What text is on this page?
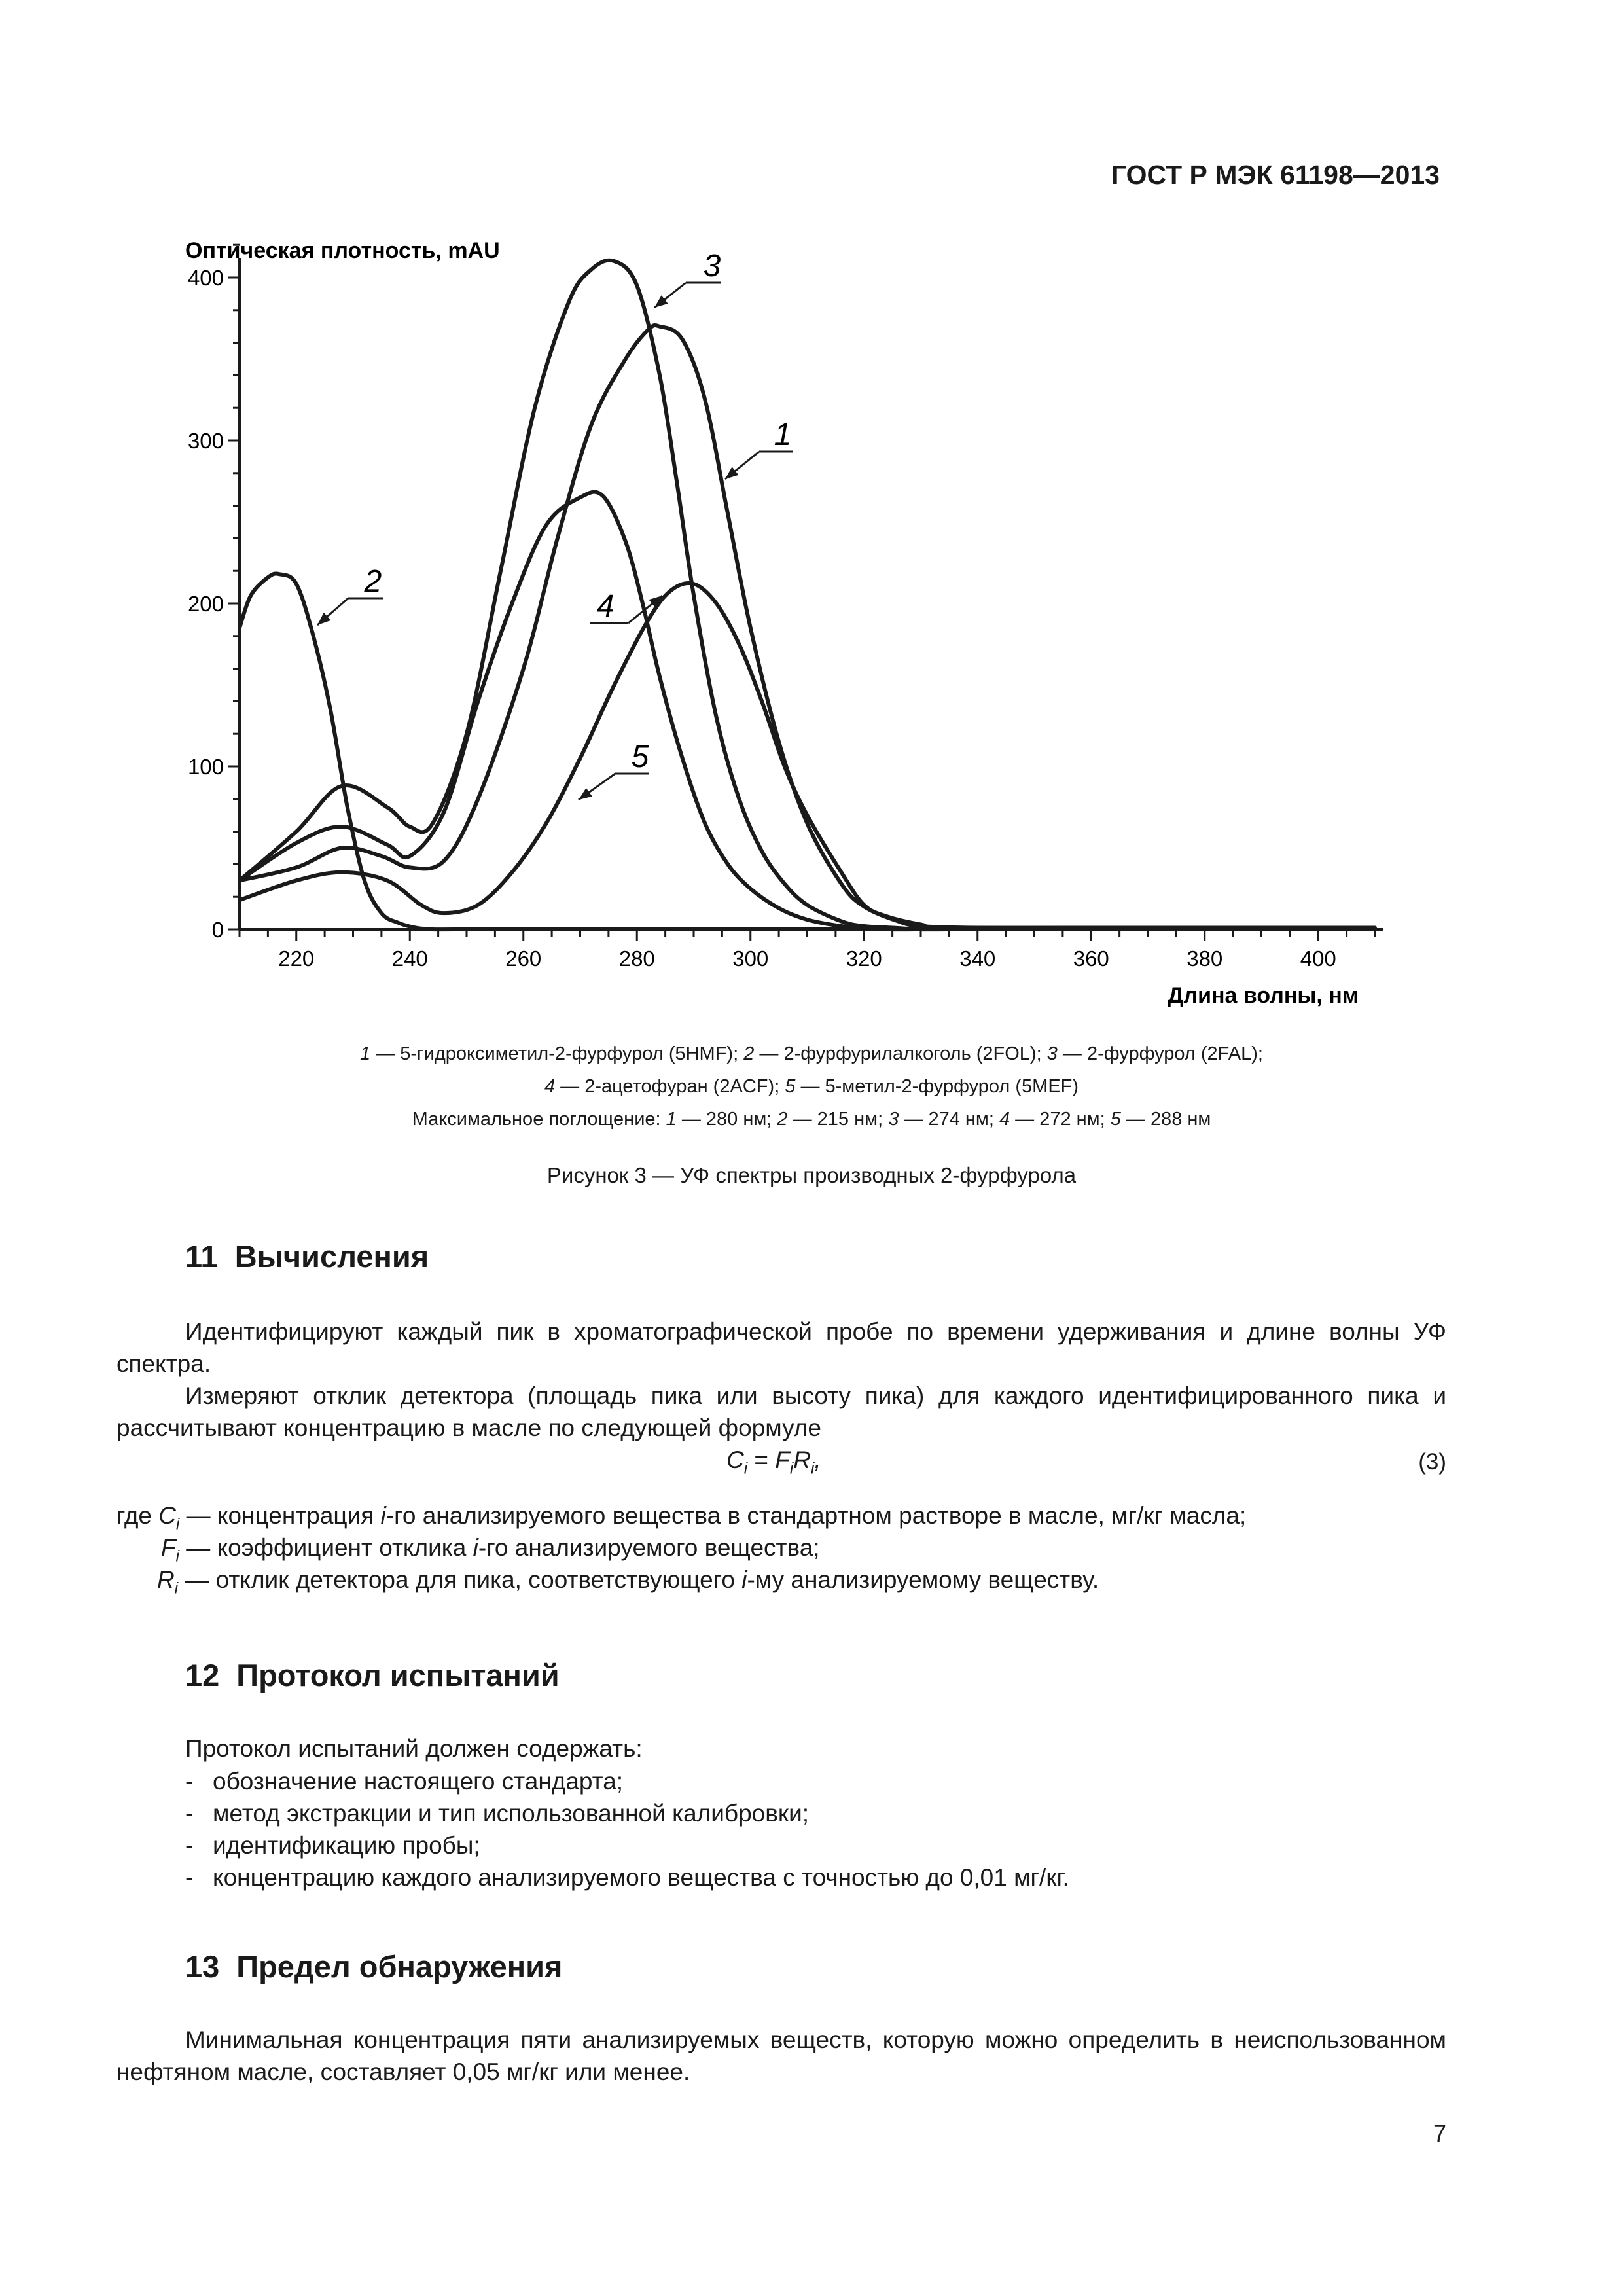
ГОСТ Р МЭК 61198—2013
220	240	260	280	300	320	340	360	380	400
0
100
200
300
400	3
1
2
4
5
Оптическая плотность, mAU
Длина волны, нм
1 — 5-гидроксиметил-2-фурфурол (5HMF); 2 — 2-фурфурилалкоголь (2FOL); 3 — 2-фурфурол (2FAL);
4 — 2-ацетофуран (2ACF); 5 — 5-метил-2-фурфурол (5MEF)
Максимальное поглощение: 1 — 280 нм; 2 — 215 нм; 3 — 274 нм; 4 — 272 нм; 5 — 288 нм
Рисунок 3 — УФ спектры производных 2-фурфурола
11 Вычисления
Идентифицируют каждый пик в хроматографической пробе по времени удерживания и длине волны УФ спектра.
Измеряют отклик детектора (площадь пика или высоту пика) для каждого идентифицированного пика и рассчитывают концентрацию в масле по следующей формуле
$C_i = F_iR_i$,	(3)
где $C_i$ — концентрация i-го анализируемого вещества в стандартном растворе в масле, мг/кг масла;
$F_i$ — коэффициент отклика i-го анализируемого вещества;
$R_i$ — отклик детектора для пика, соответствующего i-му анализируемому веществу.
12 Протокол испытаний
Протокол испытаний должен содержать:
- обозначение настоящего стандарта;
- метод экстракции и тип использованной калибровки;
- идентификацию пробы;
- концентрацию каждого анализируемого вещества с точностью до 0,01 мг/кг.
13 Предел обнаружения
Минимальная концентрация пяти анализируемых веществ, которую можно определить в неиспользованном нефтяном масле, составляет 0,05 мг/кг или менее.
7
